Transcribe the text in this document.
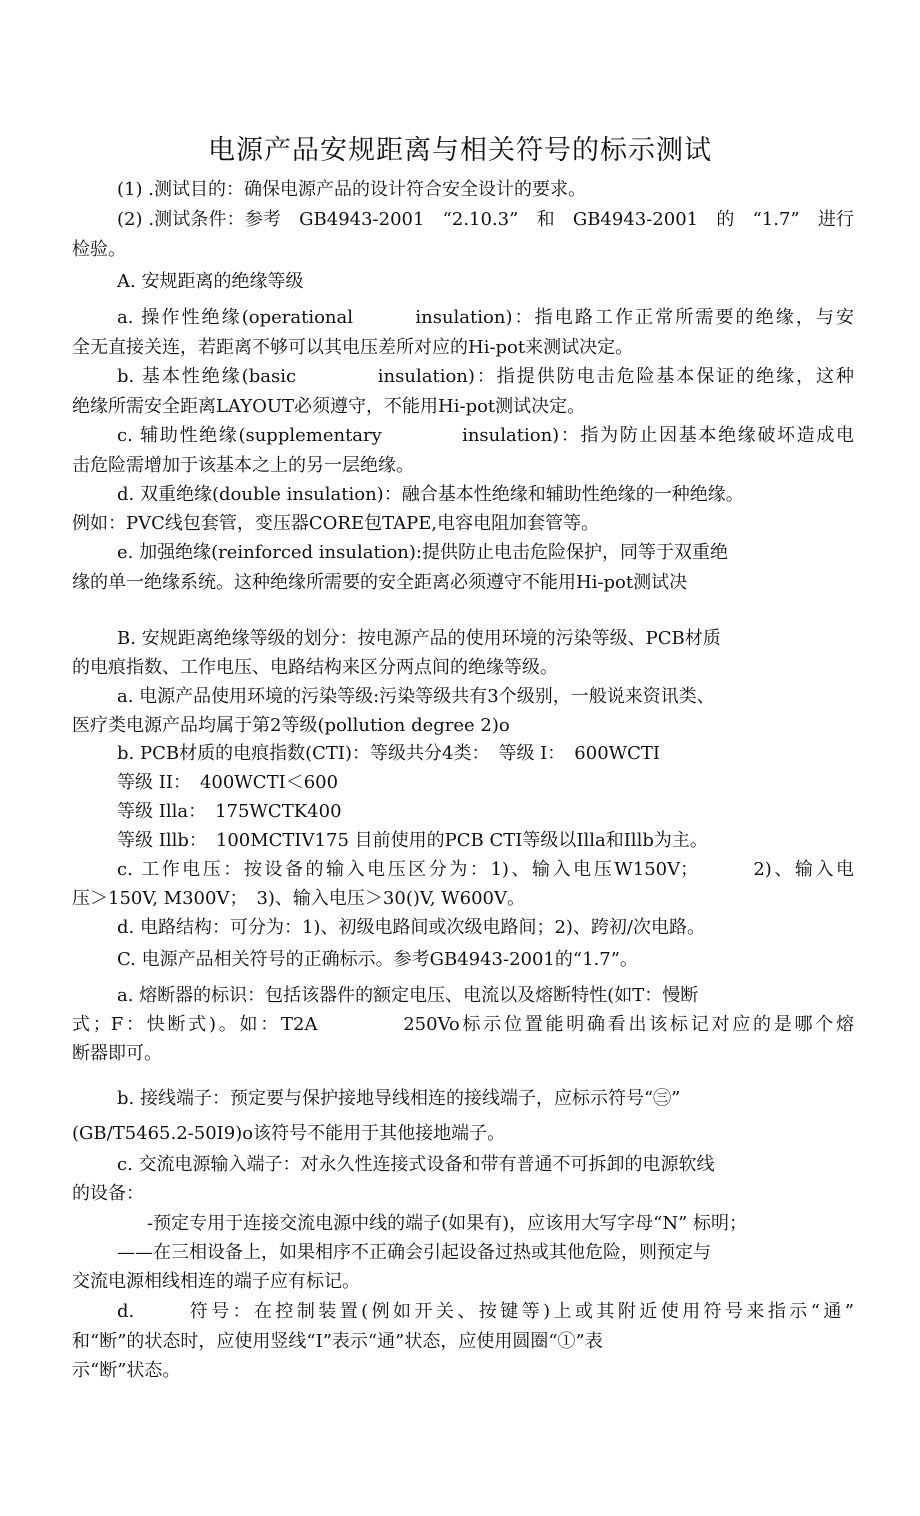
电源产品安规距离与相关符号的标示测试
(1) .测试目的：确保电源产品的设计符合安全设计的要求。
(2) .测试条件：参考　GB4943-2001　“2.10.3”　和　GB4943-2001　的　“1.7”　进行
检验。
A. 安规距离的绝缘等级
a. 操作性绝缘(operational　　　insulation)：指电路工作正常所需要的绝缘，与安
全无直接关连，若距离不够可以其电压差所对应的Hi-pot来测试决定。
b. 基本性绝缘(basic　　　　insulation)：指提供防电击危险基本保证的绝缘，这种
绝缘所需安全距离LAYOUT必须遵守，不能用Hi-pot测试决定。
c. 辅助性绝缘(supplementary　　　　insulation)：指为防止因基本绝缘破坏造成电
击危险需增加于该基本之上的另一层绝缘。
d. 双重绝缘(double insulation)：融合基本性绝缘和辅助性绝缘的一种绝缘。
例如：PVC线包套管，变压器CORE包TAPE,电容电阻加套管等。
e. 加强绝缘(reinforced insulation):提供防止电击危险保护，同等于双重绝
缘的单一绝缘系统。这种绝缘所需要的安全距离必须遵守不能用Hi-pot测试决
B. 安规距离绝缘等级的划分：按电源产品的使用环境的污染等级、PCB材质
的电痕指数、工作电压、电路结构来区分两点间的绝缘等级。
a. 电源产品使用环境的污染等级:污染等级共有3个级别，一般说来资讯类、
医疗类电源产品均属于第2等级(pollution degree 2)o
b. PCB材质的电痕指数(CTI)：等级共分4类：　等级 I：　600WCTI
等级 II：　400WCTI＜600
等级 Illa：　175WCTK400
等级 Illb：　100MCTIV175 目前使用的PCB CTI等级以Illa和Illb为主。
c. 工作电压：按设备的输入电压区分为：1)、输入电压W150V；　　　2)、输入电
压＞150V, M300V；　3)、输入电压＞30()V, W600V。
d. 电路结构：可分为：1)、初级电路间或次级电路间；2)、跨初/次电路。
C. 电源产品相关符号的正确标示。参考GB4943-2001的“1.7”。
a. 熔断器的标识：包括该器件的额定电压、电流以及熔断特性(如T：慢断
式；F：快断式)。如：T2A　　　　250Vo标示位置能明确看出该标记对应的是哪个熔
断器即可。
b. 接线端子：预定要与保护接地导线相连的接线端子，应标示符号“㊂”
(GB/T5465.2-50I9)o该符号不能用于其他接地端子。
c. 交流电源输入端子：对永久性连接式设备和带有普通不可拆卸的电源软线
的设备：
-预定专用于连接交流电源中线的端子(如果有)，应该用大写字母“N” 标明；
——在三相设备上，如果相序不正确会引起设备过热或其他危险，则预定与
交流电源相线相连的端子应有标记。
d.　　 符号：在控制装置(例如开关、按键等)上或其附近使用符号来指示“通”
和“断”的状态时，应使用竖线“I”表示“通”状态，应使用圆圈“①”表
示“断”状态。
